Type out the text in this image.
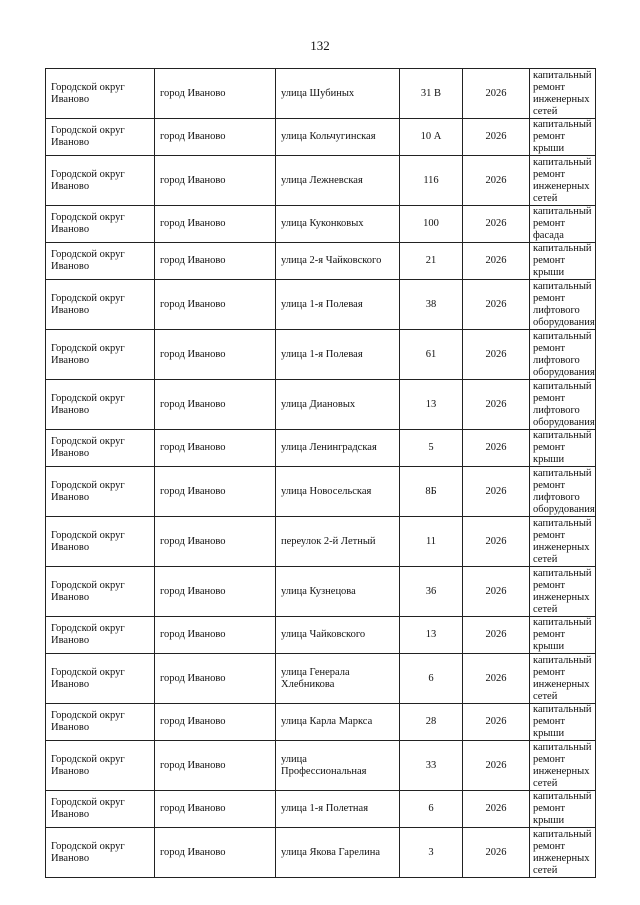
132
Городской округ Иваново	город Иваново	улица Шубиных	31 В	2026	капитальный ремонт инженерных сетей
Городской округ Иваново	город Иваново	улица Кольчугинская	10 А	2026	капитальный ремонт крыши
Городской округ Иваново	город Иваново	улица Лежневская	116	2026	капитальный ремонт инженерных сетей
Городской округ Иваново	город Иваново	улица Куконковых	100	2026	капитальный ремонт фасада
Городской округ Иваново	город Иваново	улица 2-я Чайковского	21	2026	капитальный ремонт крыши
Городской округ Иваново	город Иваново	улица 1-я Полевая	38	2026	капитальный ремонт лифтового оборудования
Городской округ Иваново	город Иваново	улица 1-я Полевая	61	2026	капитальный ремонт лифтового оборудования
Городской округ Иваново	город Иваново	улица Диановых	13	2026	капитальный ремонт лифтового оборудования
Городской округ Иваново	город Иваново	улица Ленинградская	5	2026	капитальный ремонт крыши
Городской округ Иваново	город Иваново	улица Новосельская	8Б	2026	капитальный ремонт лифтового оборудования
Городской округ Иваново	город Иваново	переулок 2-й Летный	11	2026	капитальный ремонт инженерных сетей
Городской округ Иваново	город Иваново	улица Кузнецова	36	2026	капитальный ремонт инженерных сетей
Городской округ Иваново	город Иваново	улица Чайковского	13	2026	капитальный ремонт крыши
Городской округ Иваново	город Иваново	улица Генерала Хлебникова	6	2026	капитальный ремонт инженерных сетей
Городской округ Иваново	город Иваново	улица Карла Маркса	28	2026	капитальный ремонт крыши
Городской округ Иваново	город Иваново	улица Профессиональная	33	2026	капитальный ремонт инженерных сетей
Городской округ Иваново	город Иваново	улица 1-я Полетная	6	2026	капитальный ремонт крыши
Городской округ Иваново	город Иваново	улица Якова Гарелина	3	2026	капитальный ремонт инженерных сетей
